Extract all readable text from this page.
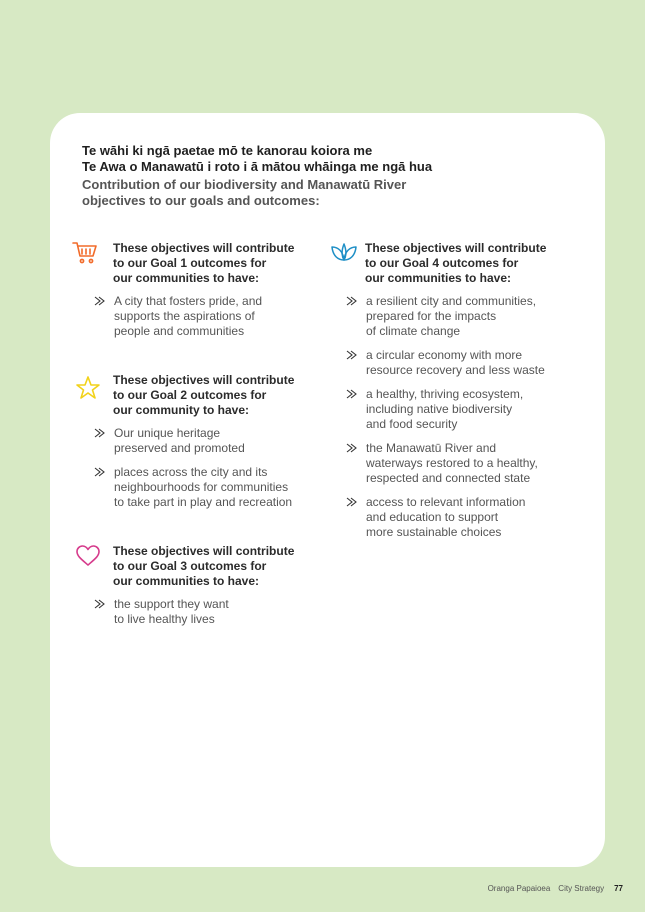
Te wāhi ki ngā paetae mō te kanorau koiora me
Te Awa o Manawatū i roto i ā mātou whāinga me ngā hua
Contribution of our biodiversity and Manawatū River
objectives to our goals and outcomes:
These objectives will contribute
to our Goal 1 outcomes for
our communities to have:
A city that fosters pride, and
supports the aspirations of
people and communities
These objectives will contribute
to our Goal 2 outcomes for
our community to have:
Our unique heritage
preserved and promoted
places across the city and its
neighbourhoods for communities
to take part in play and recreation
These objectives will contribute
to our Goal 3 outcomes for
our communities to have:
the support they want
to live healthy lives
These objectives will contribute
to our Goal 4 outcomes for
our communities to have:
a resilient city and communities,
prepared for the impacts
of climate change
a circular economy with more
resource recovery and less waste
a healthy, thriving ecosystem,
including native biodiversity
and food security
the Manawatū River and
waterways restored to a healthy,
respected and connected state
access to relevant information
and education to support
more sustainable choices
Oranga Papaioea City Strategy 77
